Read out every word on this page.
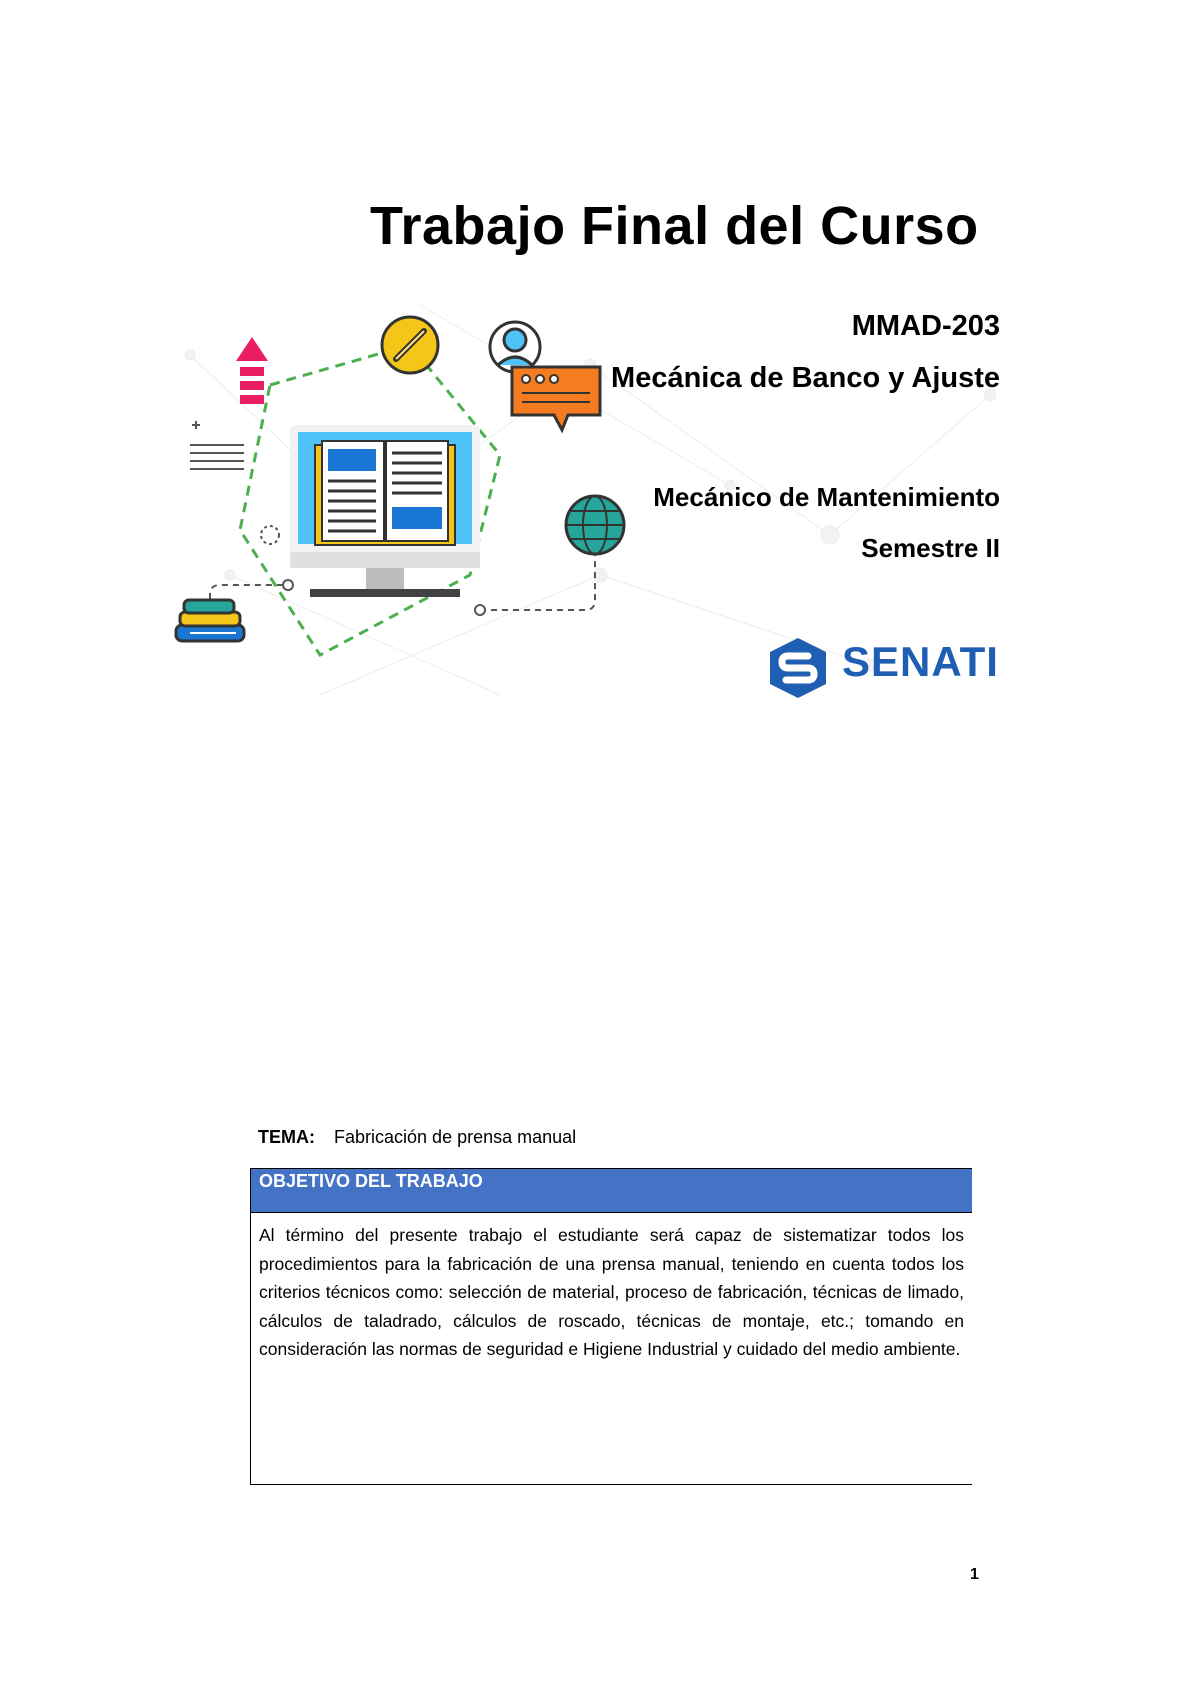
Trabajo Final del Curso
MMAD-203
Mecánica de Banco y Ajuste
Mecánico de Mantenimiento
Semestre II
SENATI
TEMA: Fabricación de prensa manual
OBJETIVO DEL TRABAJO
Al término del presente trabajo el estudiante será capaz de sistematizar todos los procedimientos para la fabricación de una prensa manual, teniendo en cuenta todos los criterios técnicos como: selección de material, proceso de fabricación, técnicas de limado, cálculos de taladrado, cálculos de roscado, técnicas de montaje, etc.; tomando en consideración las normas de seguridad e Higiene Industrial y cuidado del medio ambiente.
1
